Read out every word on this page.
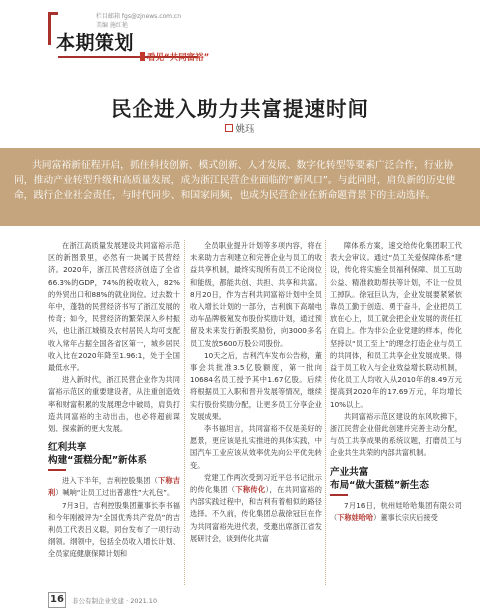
栏目邮箱 fgs@zjnews.com.cn
美编 施红艳
本期策划
看见“共同富裕”
民企进入助力共富提速时间
姚珏
共同富裕新征程开启，抓住科技创新、模式创新、人才发展、数字化转型等要素广泛合作，行业协同，推动产业转型升级和高质量发展，成为浙江民营企业面临的“新风口”。与此同时，肩负新的历史使命，践行企业社会责任，与时代同步、和国家同频，也成为民营企业在新命题背景下的主动选择。

在浙江高质量发展建设共同富裕示范区的新图景里，必然有一块属于民营经济。2020年，浙江民营经济创造了全省66.3%的GDP，74%的税收收入，82%的外贸出口和88%的就业岗位。过去数十年中，蓬勃的民营经济书写了浙江发展的传奇；如今，民营经济的繁荣深入乡村振兴，也让浙江城镇及农村居民人均可支配收入常年占据全国各省区第一，城乡居民收入比在2020年降至1.96:1，处于全国最低水平。

进入新时代，浙江民营企业作为共同富裕示范区的重要建设者，从注重创造效率和财富积累的发展理念中破局，肩负打造共同富裕的主动出击，也必将超前谋划、探索新的更大发展。

红利共享
构建“蛋糕分配”新体系

进入下半年，吉利控股集团（下称吉利）喊响“让员工过出普惠性”大礼包”。

7月3日，吉利控股集团董事长李书福和今年刚被评为“全国优秀共产党员”的吉利员工代表吕义聪，同台发布了一项行动纲领。纲领中，包括全员收入增长计划、全员家庭健康保障计划和

全员职业提升计划等多项内容，将在未来助力吉利建立和完善企业与员工的收益共享机制，最终实现所有员工不论岗位和能级，都能共创、共担、共享和共富。8月20日，作为吉利共同富裕计划中全员收入增长计划的一部分，吉利旗下高端电动车品牌极氪发布股份奖励计划，通过预留及未来发行新股奖励份，向3000多名员工发放5600万股公司股份。

10天之后，吉利汽车发布公告称，董事会共批准3.5亿股额度，第一批向10684名员工授予其中1.67亿股。后续将根据员工入职和晋升发展等情况，继续实行股份奖励分配，让更多员工分享企业发展成果。

李书福坦言，共同富裕不仅是美好的愿景，更应该是扎实推进的具体实践，中国汽车工业应该从效率优先向公平优先转变。

党建工作两次受到习近平总书记批示的传化集团（下称传化），在共同富裕的内部实践过程中，和吉利有着相似的路径选择。不久前，传化集团总裁徐冠巨在作为共同富裕先进代表，受邀出席浙江省发展研讨会，谈到传化共富

障体系方案，速交给传化集团职工代表大会审议。通过“员工关爱保障体系”建设，传化将实施全员福利保障、员工互助公益、精准救助帮扶等计划，不让一位员工掉队。徐冠巨认为，企业发展要紧紧依靠员工勤于创造、勇于奋斗，企业把员工放在心上，员工就会把企业发展的责任扛在肩上。作为非公企业党建的样本，传化坚持以“员工至上”的理念打造企业与员工的共同体，和员工共享企业发展成果。得益于员工收入与企业效益增长联动机制，传化员工人均收入从2010年的8.49万元提高到2020年的17.69万元，年均增长10%以上。

共同富裕示范区建设的东风吹拂下，浙江民营企业借此创建并完善主动分配，与员工共享成果的系统议题，打磨员工与企业共生共荣的内部共富机制。

产业共富
布局“做大蛋糕”新生态

7月16日，杭州娃哈哈集团有限公司（下称娃哈哈）董事长宗庆后接受

16	非公有制企业党建 · 2021.10
